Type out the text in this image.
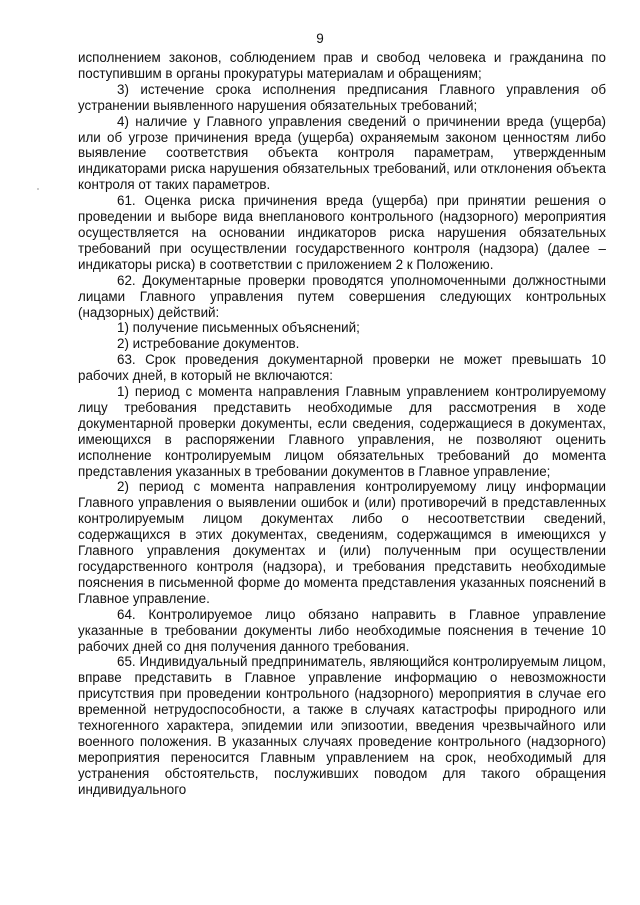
9

исполнением законов, соблюдением прав и свобод человека и гражданина по поступившим в органы прокуратуры материалам и обращениям;

3) истечение срока исполнения предписания Главного управления об устранении выявленного нарушения обязательных требований;

4) наличие у Главного управления сведений о причинении вреда (ущерба) или об угрозе причинения вреда (ущерба) охраняемым законом ценностям либо выявление соответствия объекта контроля параметрам, утвержденным индикаторами риска нарушения обязательных требований, или отклонения объекта контроля от таких параметров.

61. Оценка риска причинения вреда (ущерба) при принятии решения о проведении и выборе вида внепланового контрольного (надзорного) мероприятия осуществляется на основании индикаторов риска нарушения обязательных требований при осуществлении государственного контроля (надзора) (далее – индикаторы риска) в соответствии с приложением 2 к Положению.

62. Документарные проверки проводятся уполномоченными должностными лицами Главного управления путем совершения следующих контрольных (надзорных) действий:

1) получение письменных объяснений;

2) истребование документов.

63. Срок проведения документарной проверки не может превышать 10 рабочих дней, в который не включаются:

1) период с момента направления Главным управлением контролируемому лицу требования представить необходимые для рассмотрения в ходе документарной проверки документы, если сведения, содержащиеся в документах, имеющихся в распоряжении Главного управления, не позволяют оценить исполнение контролируемым лицом обязательных требований до момента представления указанных в требовании документов в Главное управление;

2) период с момента направления контролируемому лицу информации Главного управления о выявлении ошибок и (или) противоречий в представленных контролируемым лицом документах либо о несоответствии сведений, содержащихся в этих документах, сведениям, содержащимся в имеющихся у Главного управления документах и (или) полученным при осуществлении государственного контроля (надзора), и требования представить необходимые пояснения в письменной форме до момента представления указанных пояснений в Главное управление.

64. Контролируемое лицо обязано направить в Главное управление указанные в требовании документы либо необходимые пояснения в течение 10 рабочих дней со дня получения данного требования.

65. Индивидуальный предприниматель, являющийся контролируемым лицом, вправе представить в Главное управление информацию о невозможности присутствия при проведении контрольного (надзорного) мероприятия в случае его временной нетрудоспособности, а также в случаях катастрофы природного или техногенного характера, эпидемии или эпизоотии, введения чрезвычайного или военного положения. В указанных случаях проведение контрольного (надзорного) мероприятия переносится Главным управлением на срок, необходимый для устранения обстоятельств, послуживших поводом для такого обращения индивидуального
